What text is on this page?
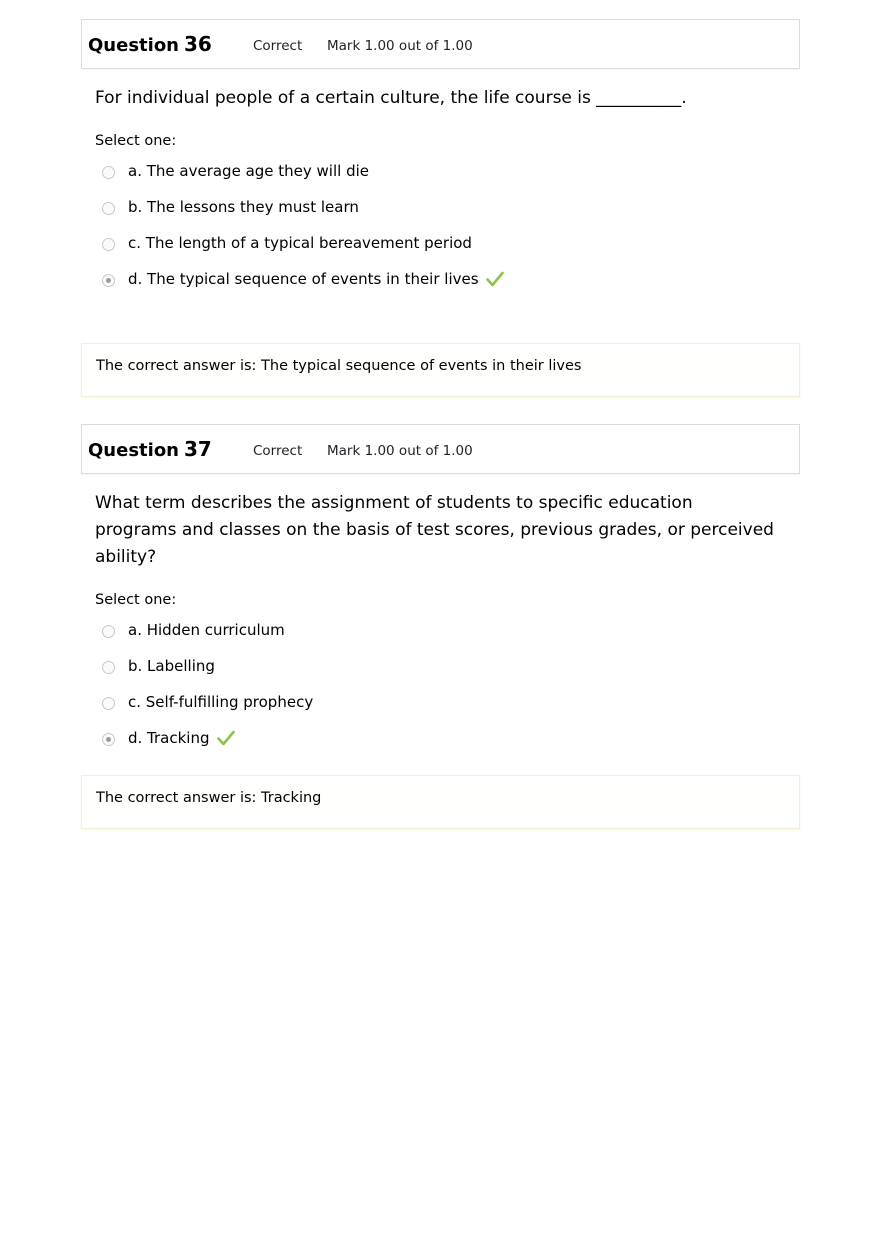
Question 36	Correct Mark 1.00 out of 1.00
For individual people of a certain culture, the life course is __________.
Select one:
a. The average age they will die
b. The lessons they must learn
c. The length of a typical bereavement period
d. The typical sequence of events in their lives
The correct answer is: The typical sequence of events in their lives
Question 37	Correct Mark 1.00 out of 1.00
What term describes the assignment of students to specific education programs and classes on the basis of test scores, previous grades, or perceived ability?
Select one:
a. Hidden curriculum
b. Labelling
c. Self-fulfilling prophecy
d. Tracking
The correct answer is: Tracking
